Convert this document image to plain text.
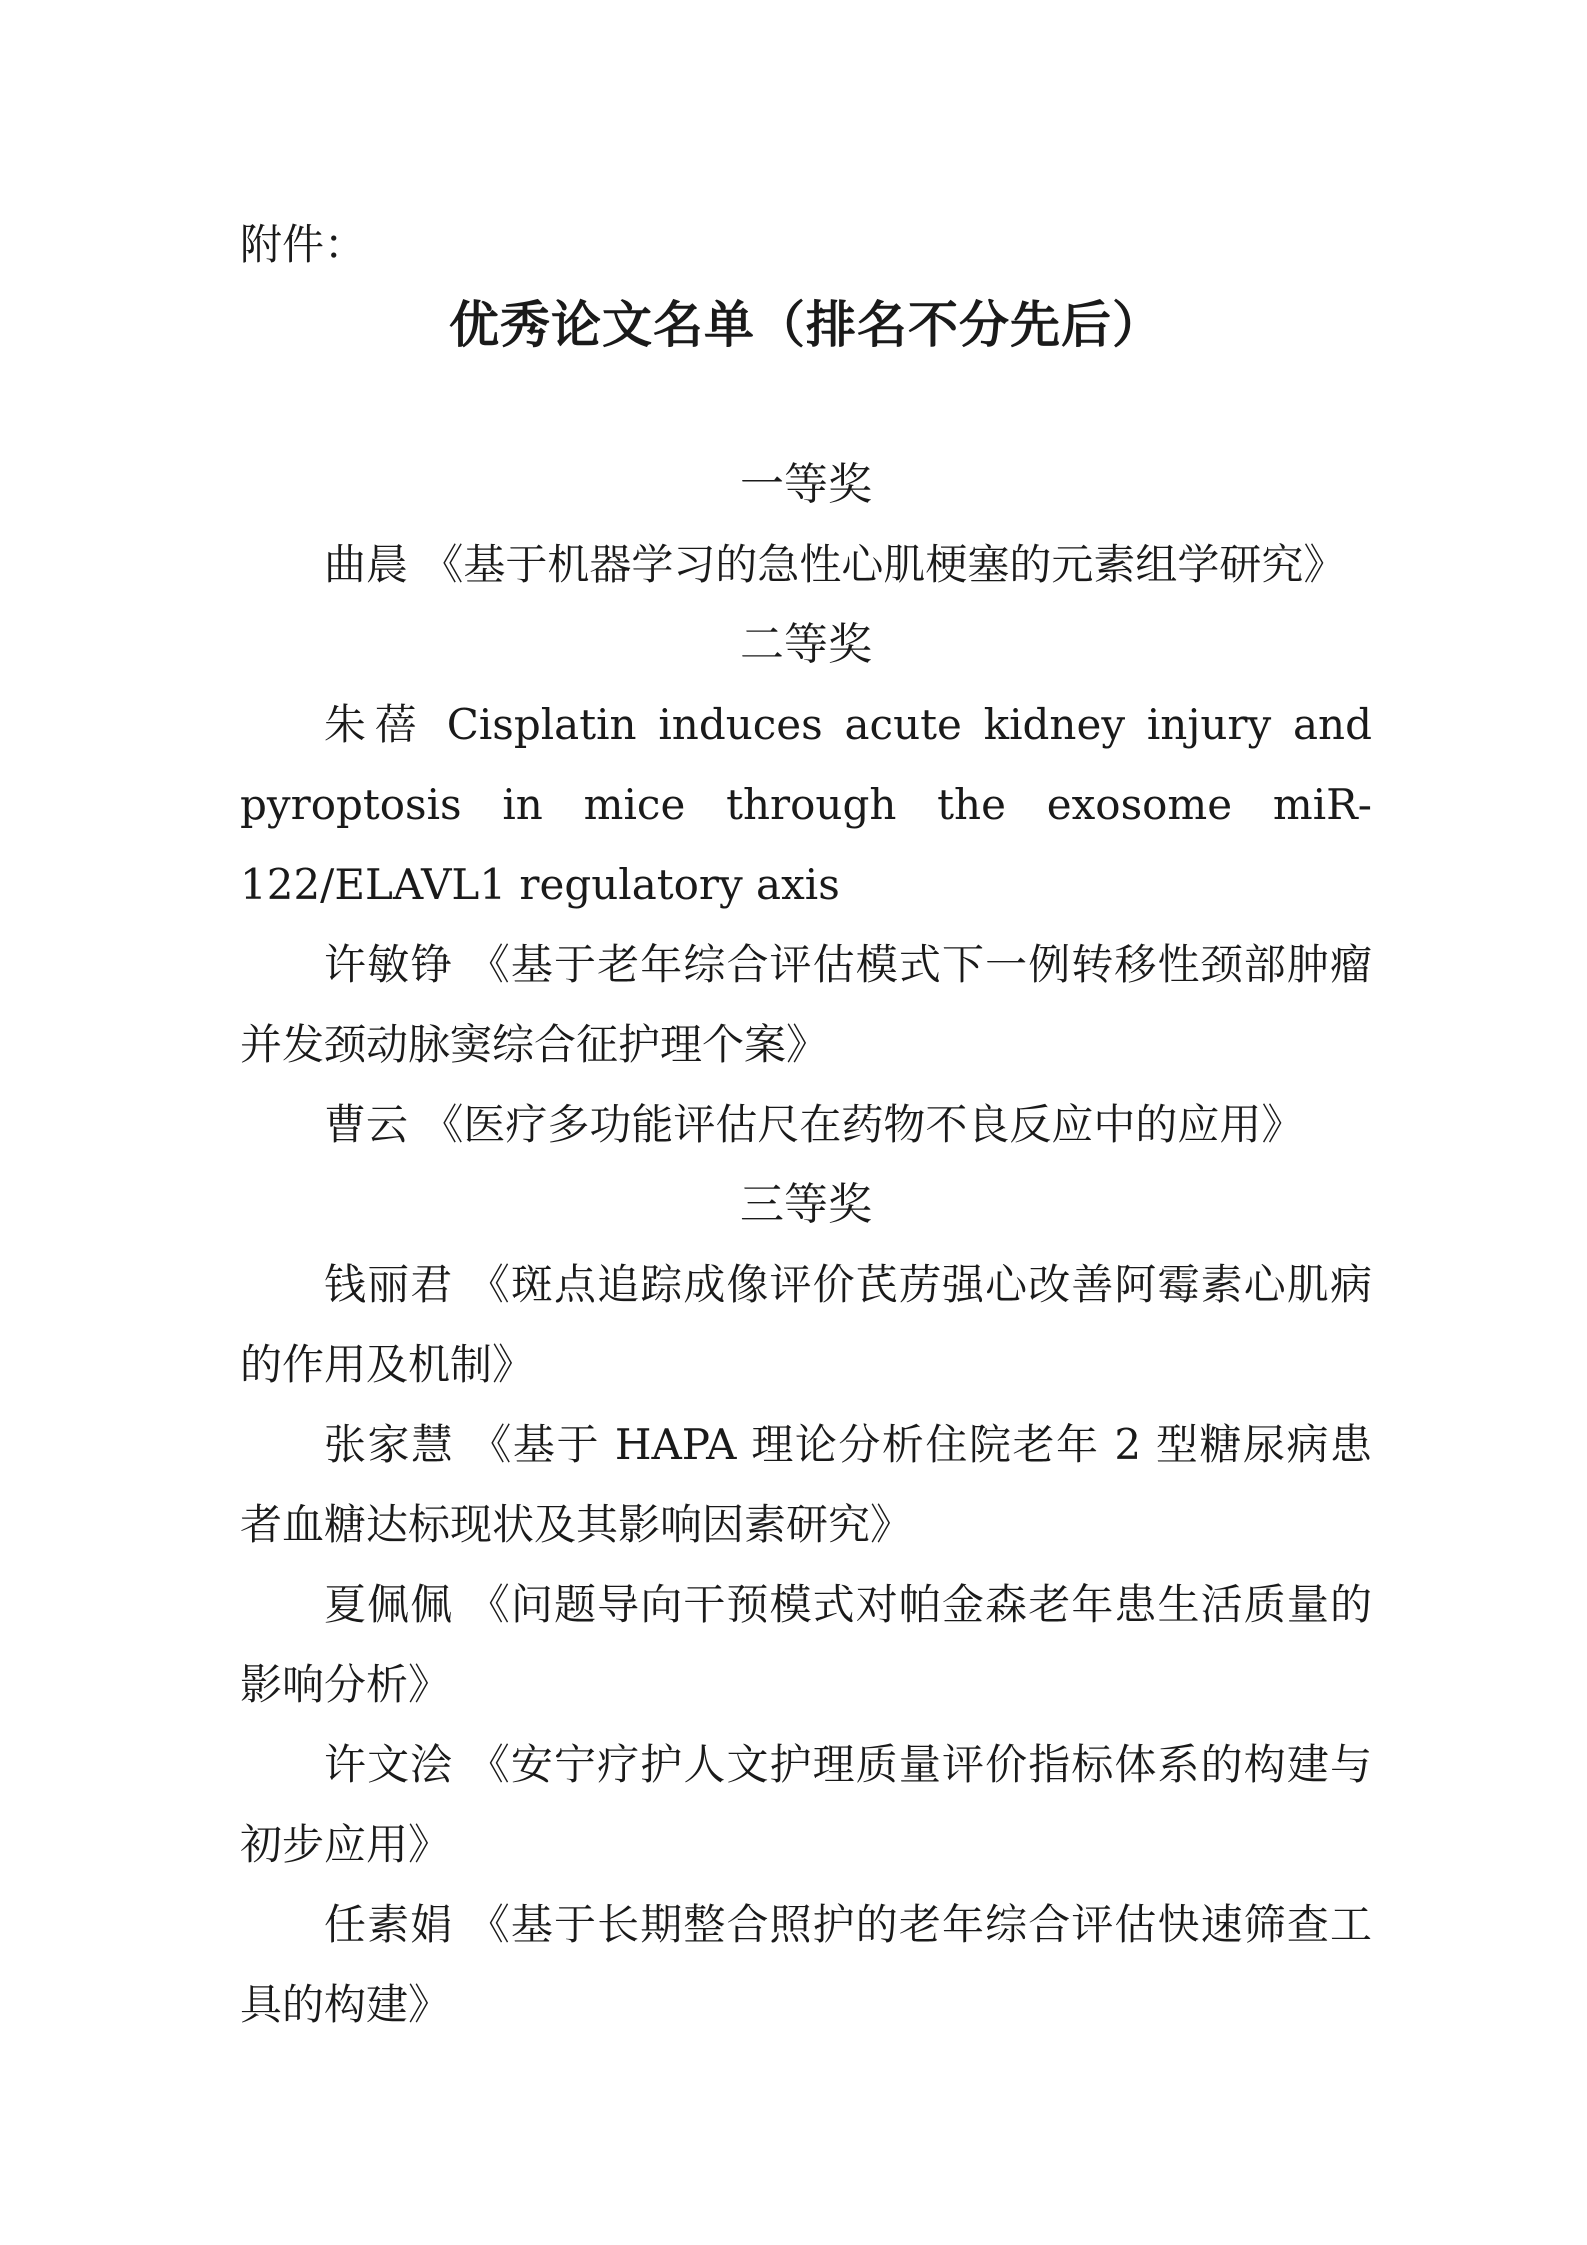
附件：

优秀论文名单（排名不分先后）

一等奖

曲晨 《基于机器学习的急性心肌梗塞的元素组学研究》

二等奖

朱蓓 Cisplatin induces acute kidney injury and pyroptosis in mice through the exosome miR-122/ELAVL1 regulatory axis

许敏铮 《基于老年综合评估模式下一例转移性颈部肿瘤并发颈动脉窦综合征护理个案》

曹云 《医疗多功能评估尺在药物不良反应中的应用》

三等奖

钱丽君 《斑点追踪成像评价芪苈强心改善阿霉素心肌病的作用及机制》

张家慧 《基于 HAPA 理论分析住院老年 2 型糖尿病患者血糖达标现状及其影响因素研究》

夏佩佩 《问题导向干预模式对帕金森老年患生活质量的影响分析》

许文浍 《安宁疗护人文护理质量评价指标体系的构建与初步应用》

任素娟 《基于长期整合照护的老年综合评估快速筛查工具的构建》
